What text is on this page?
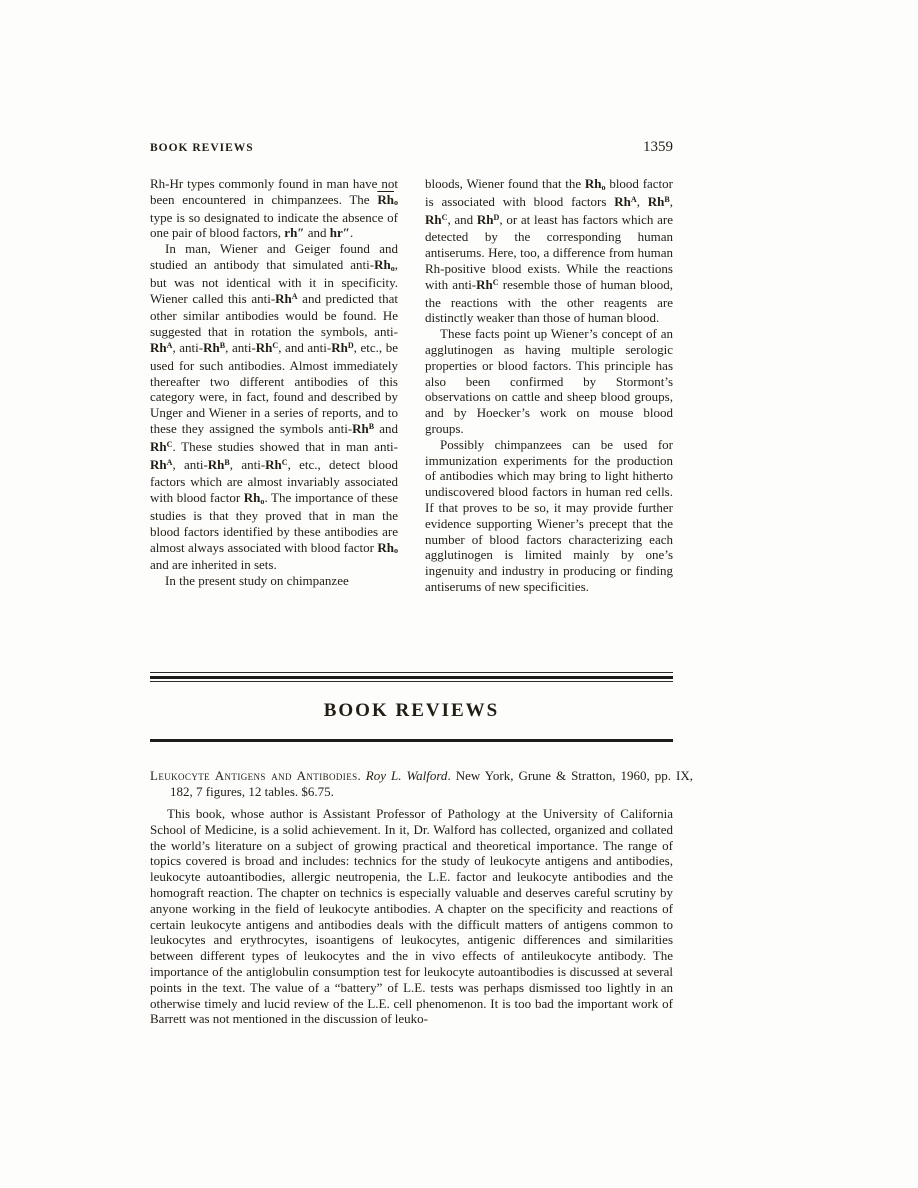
BOOK REVIEWS	1359

Rh-Hr types commonly found in man have not been encountered in chimpanzees. The $\overline{Rh}o$ type is so designated to indicate the absence of one pair of blood factors, rh″ and hr″.

In man, Wiener and Geiger found and studied an antibody that simulated anti-Rho, but was not identical with it in specificity. Wiener called this anti-$Rh^A$ and predicted that other similar antibodies would be found. He suggested that in rotation the symbols, anti-$Rh^A$, anti-$Rh^B$, anti-$Rh^C$, and anti-$Rh^D$, etc., be used for such antibodies. Almost immediately thereafter two different antibodies of this category were, in fact, found and described by Unger and Wiener in a series of reports, and to these they assigned the symbols anti-$Rh^B$ and $Rh^C$. These studies showed that in man anti-$Rh^A$, anti-$Rh^B$, anti-$Rh^C$, etc., detect blood factors which are almost invariably associated with blood factor Rho. The importance of these studies is that they proved that in man the blood factors identified by these antibodies are almost always associated with blood factor Rho and are inherited in sets.

In the present study on chimpanzee

bloods, Wiener found that the Rho blood factor is associated with blood factors $Rh^A$, $Rh^B$, $Rh^C$, and $Rh^D$, or at least has factors which are detected by the corresponding human antiserums. Here, too, a difference from human Rh-positive blood exists. While the reactions with anti-$Rh^C$ resemble those of human blood, the reactions with the other reagents are distinctly weaker than those of human blood.

These facts point up Wiener’s concept of an agglutinogen as having multiple serologic properties or blood factors. This principle has also been confirmed by Stormont’s observations on cattle and sheep blood groups, and by Hoecker’s work on mouse blood groups.

Possibly chimpanzees can be used for immunization experiments for the production of antibodies which may bring to light hitherto undiscovered blood factors in human red cells. If that proves to be so, it may provide further evidence supporting Wiener’s precept that the number of blood factors characterizing each agglutinogen is limited mainly by one’s ingenuity and industry in producing or finding antiserums of new specificities.

BOOK REVIEWS

Leukocyte Antigens and Antibodies. Roy L. Walford. New York, Grune & Stratton, 1960, pp. IX, 182, 7 figures, 12 tables. $6.75.

This book, whose author is Assistant Professor of Pathology at the University of California School of Medicine, is a solid achievement. In it, Dr. Walford has collected, organized and collated the world’s literature on a subject of growing practical and theoretical importance. The range of topics covered is broad and includes: technics for the study of leukocyte antigens and antibodies, leukocyte autoantibodies, allergic neutropenia, the L.E. factor and leukocyte antibodies and the homograft reaction. The chapter on technics is especially valuable and deserves careful scrutiny by anyone working in the field of leukocyte antibodies. A chapter on the specificity and reactions of certain leukocyte antigens and antibodies deals with the difficult matters of antigens common to leukocytes and erythrocytes, isoantigens of leukocytes, antigenic differences and similarities between different types of leukocytes and the in vivo effects of antileukocyte antibody. The importance of the antiglobulin consumption test for leukocyte autoantibodies is discussed at several points in the text. The value of a “battery” of L.E. tests was perhaps dismissed too lightly in an otherwise timely and lucid review of the L.E. cell phenomenon. It is too bad the important work of Barrett was not mentioned in the discussion of leuko-
